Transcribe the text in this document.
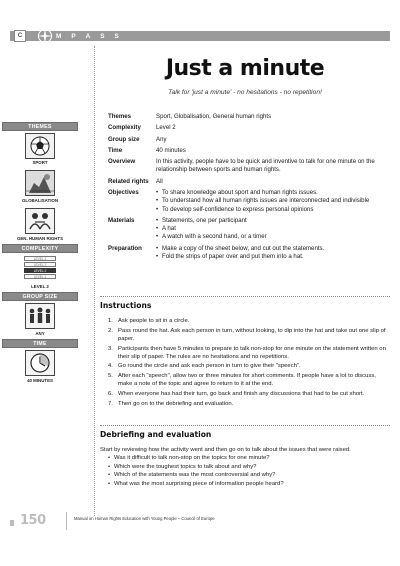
C	M P A S S
Just a minute
Talk for 'just a minute' - no hesitations - no repetition!
THEMES
SPORT
GLOBALISATION
GEN. HUMAN RIGHTS
COMPLEXITY
LEVEL 4
LEVEL 3
LEVEL 2
LEVEL 1
LEVEL 2
GROUP SIZE
ANY
TIME
40 MINUTES
Themes	Sport, Globalisation, General human rights
Complexity	Level 2
Group size	Any
Time	40 minutes
Overview	In this activity, people have to be quick and inventive to talk for one minute on the relationship between sports and human rights.
Related rights	All
Objectives	• To share knowledge about sport and human rights issues.
• To understand how all human rights issues are interconnected and indivisible
• To develop self-confidence to express personal opinions
Materials	• Statements, one per participant
• A hat
• A watch with a second hand, or a timer
Preparation	• Make a copy of the sheet below, and cut out the statements.
• Fold the strips of paper over and put them into a hat.
Instructions
1. Ask people to sit in a circle.
2. Pass round the hat. Ask each person in turn, without looking, to dip into the hat and take out one slip of paper.
3. Participants then have 5 minutes to prepare to talk non-stop for one minute on the statement written on their slip of paper. The rules are no hesitations and no repetitions.
4. Go round the circle and ask each person in turn to give their "speech".
5. After each "speech", allow two or three minutes for short comments. If people have a lot to discuss, make a note of the topic and agree to return to it at the end.
6. When everyone has had their turn, go back and finish any discussions that had to be cut short.
7. Then go on to the debriefing and evaluation.
Debriefing and evaluation
Start by reviewing how the activity went and then go on to talk about the issues that were raised.
• Was it difficult to talk non-stop on the topics for one minute?
• Which were the toughest topics to talk about and why?
• Which of the statements was the most controversial and why?
• What was the most surprising piece of information people heard?
150	Manual on Human Rights Education with Young People – Council of Europe
